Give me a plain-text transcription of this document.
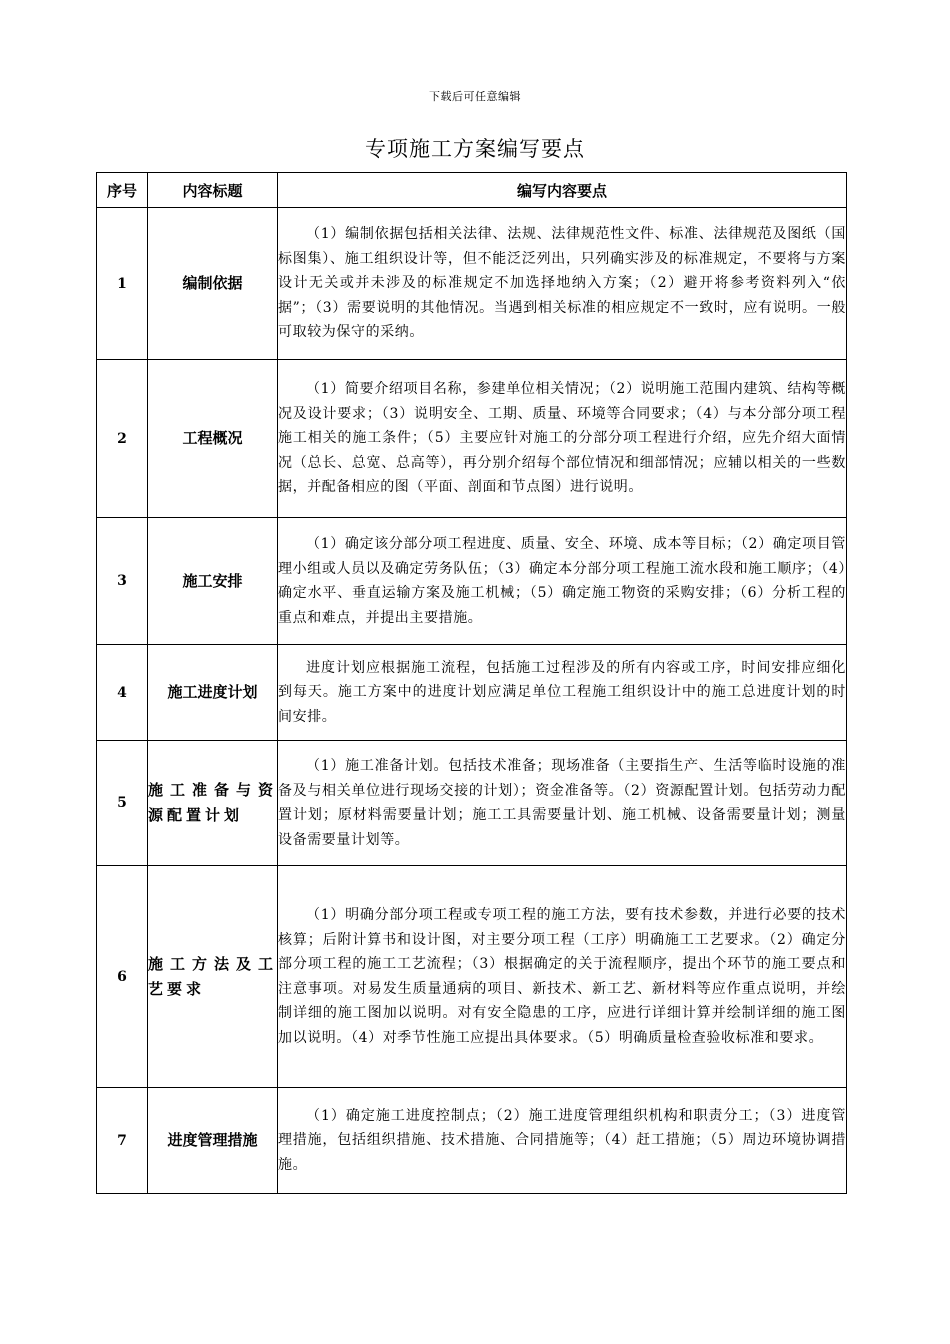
下载后可任意编辑
专项施工方案编写要点
序号	内容标题	编写内容要点
1	编制依据	（1）编制依据包括相关法律、法规、法律规范性文件、标准、法律规范及图纸（国标图集）、施工组织设计等，但不能泛泛列出，只列确实涉及的标准规定，不要将与方案设计无关或并未涉及的标准规定不加选择地纳入方案；（2）避开将参考资料列入“依据”；（3）需要说明的其他情况。当遇到相关标准的相应规定不一致时，应有说明。一般可取较为保守的采纳。

2	工程概况	（1）简要介绍项目名称，参建单位相关情况；（2）说明施工范围内建筑、结构等概况及设计要求；（3）说明安全、工期、质量、环境等合同要求；（4）与本分部分项工程施工相关的施工条件；（5）主要应针对施工的分部分项工程进行介绍，应先介绍大面情况（总长、总宽、总高等），再分别介绍每个部位情况和细部情况；应辅以相关的一些数据，并配备相应的图（平面、剖面和节点图）进行说明。

3	施工安排	（1）确定该分部分项工程进度、质量、安全、环境、成本等目标；（2）确定项目管理小组或人员以及确定劳务队伍；（3）确定本分部分项工程施工流水段和施工顺序；（4）确定水平、垂直运输方案及施工机械；（5）确定施工物资的采购安排；（6）分析工程的重点和难点，并提出主要措施。

4	施工进度计划	进度计划应根据施工流程，包括施工过程涉及的所有内容或工序，时间安排应细化到每天。施工方案中的进度计划应满足单位工程施工组织设计中的施工总进度计划的时间安排。

5	施工准备与资源配置计划	（1）施工准备计划。包括技术准备；现场准备（主要指生产、生活等临时设施的准备及与相关单位进行现场交接的计划）；资金准备等。（2）资源配置计划。包括劳动力配置计划；原材料需要量计划；施工工具需要量计划、施工机械、设备需要量计划；测量设备需要量计划等。

6	施工方法及工艺要求	（1）明确分部分项工程或专项工程的施工方法，要有技术参数，并进行必要的技术核算；后附计算书和设计图，对主要分项工程（工序）明确施工工艺要求。（2）确定分部分项工程的施工工艺流程；（3）根据确定的关于流程顺序，提出个环节的施工要点和注意事项。对易发生质量通病的项目、新技术、新工艺、新材料等应作重点说明，并绘制详细的施工图加以说明。对有安全隐患的工序，应进行详细计算并绘制详细的施工图加以说明。（4）对季节性施工应提出具体要求。（5）明确质量检查验收标准和要求。

7	进度管理措施	（1）确定施工进度控制点；（2）施工进度管理组织机构和职责分工；（3）进度管理措施，包括组织措施、技术措施、合同措施等；（4）赶工措施；（5）周边环境协调措施。
